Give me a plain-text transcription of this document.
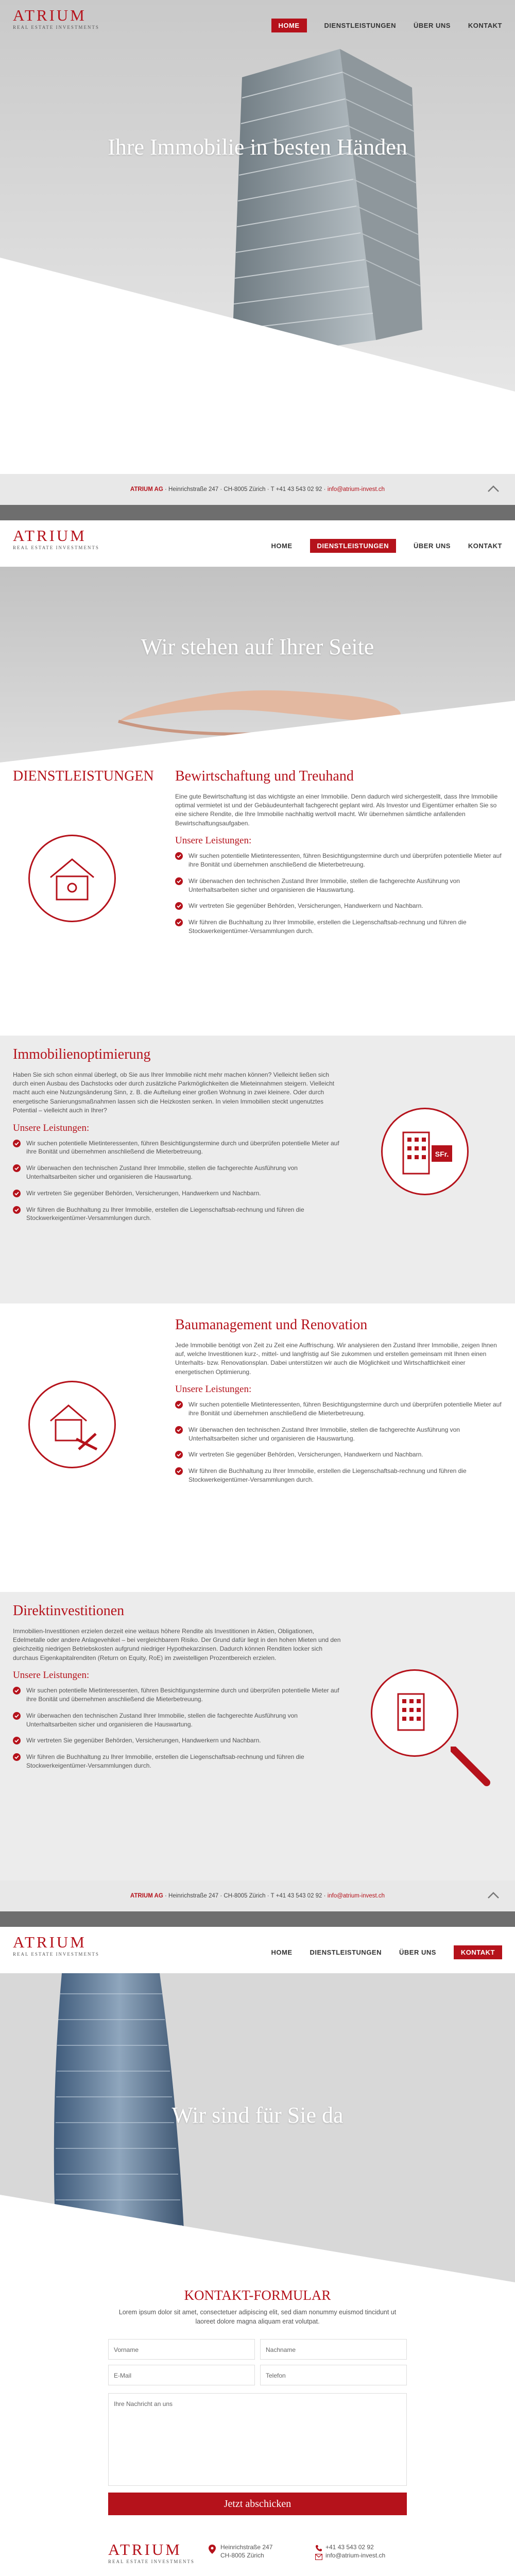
Ihre Immobilie in besten Händen
ATRIUM
REAL ESTATE INVESTMENTS	HOME	DIENSTLEISTUNGEN	ÜBER UNS	KONTAKT
ATRIUM AG · Heinrichstraße 247 · CH-8005 Zürich · T +41 43 543 02 92 · info@atrium-invest.ch
ATRIUM
REAL ESTATE INVESTMENTS	HOME	DIENSTLEISTUNGEN	ÜBER UNS	KONTAKT
Wir stehen auf Ihrer Seite
DIENSTLEISTUNGEN Bewirtschaftung und Treuhand

Eine gute Bewirtschaftung ist das wichtigste an einer Immobilie. Denn dadurch wird sichergestellt, dass Ihre Immobilie optimal vermietet ist und der Gebäudeunterhalt fachgerecht geplant wird. Als Investor und Eigentümer erhalten Sie so eine sichere Rendite, die Ihre Immobilie nachhaltig wertvoll macht. Wir übernehmen sämtliche anfallenden Bewirtschaftungsaufgaben.

Unsere Leistungen:
Wir suchen potentielle Mietinteressenten, führen Besichtigungstermine durch und überprüfen potentielle Mieter auf ihre Bonität und übernehmen anschließend die Mieterbetreuung.
Wir überwachen den technischen Zustand Ihrer Immobilie, stellen die fachgerechte Ausführung von Unterhaltsarbeiten sicher und organisieren die Hauswartung.
Wir vertreten Sie gegenüber Behörden, Versicherungen, Handwerkern und Nachbarn.
Wir führen die Buchhaltung zu Ihrer Immobilie, erstellen die Liegenschaftsab-rechnung und führen die Stockwerkeigentümer-Versammlungen durch.
Immobilienoptimierung

Haben Sie sich schon einmal überlegt, ob Sie aus Ihrer Immobilie nicht mehr machen können? Vielleicht ließen sich durch einen Ausbau des Dachstocks oder durch zusätzliche Parkmöglichkeiten die Mieteinnahmen steigern. Vielleicht macht auch eine Nutzungsänderung Sinn, z. B. die Aufteilung einer großen Wohnung in zwei kleinere. Oder durch energetische Sanierungsmaßnahmen lassen sich die Heizkosten senken. In vielen Immobilien steckt ungenutztes Potential – vielleicht auch in Ihrer?

Unsere Leistungen:
Wir suchen potentielle Mietinteressenten, führen Besichtigungstermine durch und überprüfen potentielle Mieter auf ihre Bonität und übernehmen anschließend die Mieterbetreuung.
Wir überwachen den technischen Zustand Ihrer Immobilie, stellen die fachgerechte Ausführung von Unterhaltsarbeiten sicher und organisieren die Hauswartung.
Wir vertreten Sie gegenüber Behörden, Versicherungen, Handwerkern und Nachbarn.
Wir führen die Buchhaltung zu Ihrer Immobilie, erstellen die Liegenschaftsab-rechnung und führen die Stockwerkeigentümer-Versammlungen durch.
SFr.
Baumanagement und Renovation

Jede Immobilie benötigt von Zeit zu Zeit eine Auffrischung. Wir analysieren den Zustand Ihrer Immobilie, zeigen Ihnen auf, welche Investitionen kurz-, mittel- und langfristig auf Sie zukommen und erstellen gemeinsam mit Ihnen einen Unterhalts- bzw. Renovationsplan. Dabei unterstützen wir auch die Möglichkeit und Wirtschaftlichkeit einer energetischen Optimierung.

Unsere Leistungen:
Wir suchen potentielle Mietinteressenten, führen Besichtigungstermine durch und überprüfen potentielle Mieter auf ihre Bonität und übernehmen anschließend die Mieterbetreuung.
Wir überwachen den technischen Zustand Ihrer Immobilie, stellen die fachgerechte Ausführung von Unterhaltsarbeiten sicher und organisieren die Hauswartung.
Wir vertreten Sie gegenüber Behörden, Versicherungen, Handwerkern und Nachbarn.
Wir führen die Buchhaltung zu Ihrer Immobilie, erstellen die Liegenschaftsab-rechnung und führen die Stockwerkeigentümer-Versammlungen durch.
Direktinvestitionen

Immobilien-Investitionen erzielen derzeit eine weitaus höhere Rendite als Investitionen in Aktien, Obligationen, Edelmetalle oder andere Anlagevehikel – bei vergleichbarem Risiko. Der Grund dafür liegt in den hohen Mieten und den gleichzeitig niedrigen Betriebskosten aufgrund niedriger Hypothekarzinsen. Dadurch können Renditen locker sich durchaus Eigenkapitalrenditen (Return on Equity, RoE) im zweistelligen Prozentbereich erzielen.

Unsere Leistungen:
Wir suchen potentielle Mietinteressenten, führen Besichtigungstermine durch und überprüfen potentielle Mieter auf ihre Bonität und übernehmen anschließend die Mieterbetreuung.
Wir überwachen den technischen Zustand Ihrer Immobilie, stellen die fachgerechte Ausführung von Unterhaltsarbeiten sicher und organisieren die Hauswartung.
Wir vertreten Sie gegenüber Behörden, Versicherungen, Handwerkern und Nachbarn.
Wir führen die Buchhaltung zu Ihrer Immobilie, erstellen die Liegenschaftsab-rechnung und führen die Stockwerkeigentümer-Versammlungen durch.
ATRIUM AG · Heinrichstraße 247 · CH-8005 Zürich · T +41 43 543 02 92 · info@atrium-invest.ch
ATRIUM
REAL ESTATE INVESTMENTS	HOME	DIENSTLEISTUNGEN	ÜBER UNS	KONTAKT
Wir sind für Sie da
KONTAKT-FORMULAR

Lorem ipsum dolor sit amet, consectetuer adipiscing elit, sed diam nonummy euismod tincidunt ut laoreet dolore magna aliquam erat volutpat.

Vorname	Nachname
E-Mail	Telefon
Ihre Nachricht an uns
Jetzt abschicken
ATRIUM
REAL ESTATE INVESTMENTS
Heinrichstraße 247
CH-8005 Zürich
+41 43 543 02 92
info@atrium-invest.ch
